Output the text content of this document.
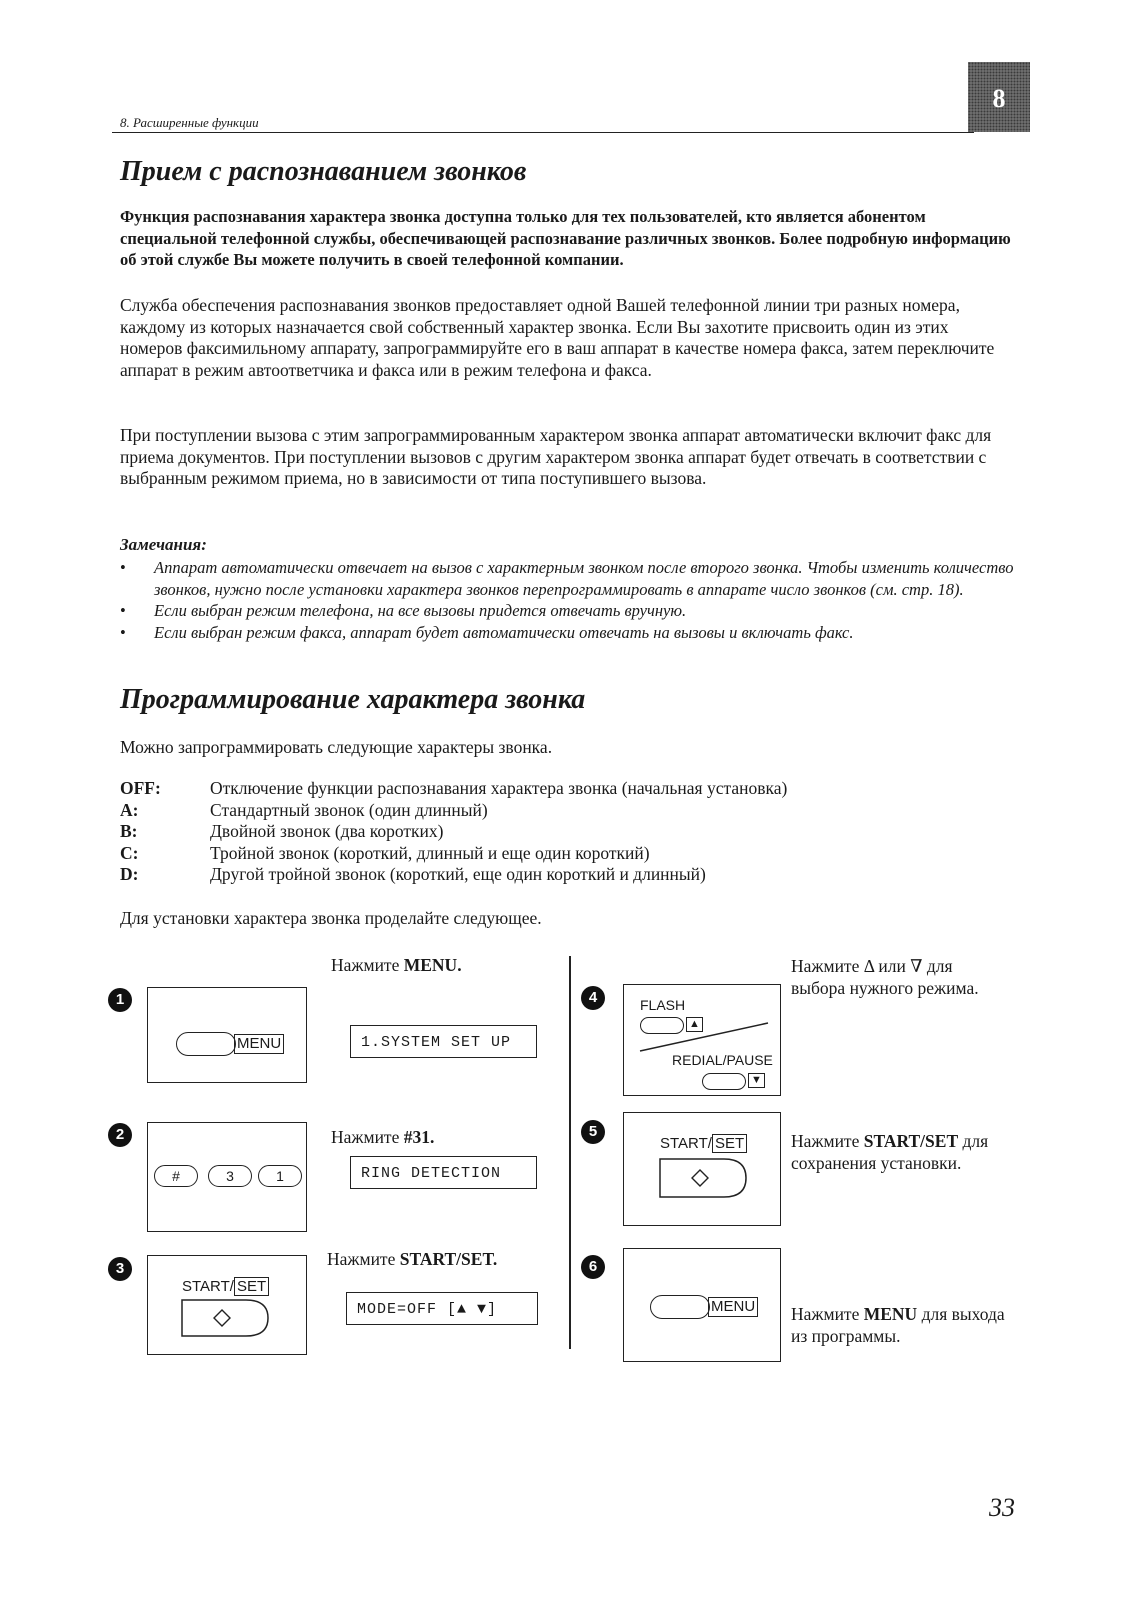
8. Расширенные функции
8
Прием с распознаванием звонков
Функция распознавания характера звонка доступна только для тех пользователей, кто является абонентом специальной телефонной службы, обеспечивающей распознавание различных звонков. Более подробную информацию об этой службе Вы можете получить в своей телефонной компании.
Служба обеспечения распознавания звонков предоставляет одной Вашей телефонной линии три разных номера, каждому из которых назначается свой собственный характер звонка. Если Вы захотите присвоить один из этих номеров факсимильному аппарату, запрограммируйте его в ваш аппарат в качестве номера факса, затем переключите аппарат в режим автоответчика и факса или в режим телефона и факса.
При поступлении вызова с этим запрограммированным характером звонка аппарат автоматически включит факс для приема документов. При поступлении вызовов с другим характером звонка аппарат будет отвечать в соответствии с выбранным режимом приема, но в зависимости от типа поступившего вызова.
Замечания:
• Аппарат автоматически отвечает на вызов с характерным звонком после второго звонка. Чтобы изменить количество звонков, нужно после установки характера звонков перепрограммировать в аппарате число звонков (см. стр. 18).
• Если выбран режим телефона, на все вызовы придется отвечать вручную.
• Если выбран режим факса, аппарат будет автоматически отвечать на вызовы и включать факс.
Программирование характера звонка
Можно запрограммировать следующие характеры звонка.
OFF:	Отключение функции распознавания характера звонка (начальная установка)
A:	Стандартный звонок (один длинный)
B:	Двойной звонок (два коротких)
C:	Тройной звонок (короткий, длинный и еще один короткий)
D:	Другой тройной звонок (короткий, еще один короткий и длинный)
Для установки характера звонка проделайте следующее.
1
MENU
Нажмите MENU.
1.SYSTEM SET UP
2
#	3	1
Нажмите #31.
RING DETECTION
3
START/ SET
Нажмите START/SET.
MODE=OFF [▲ ▼]
4	FLASH
▲
REDIAL/PAUSE
▼
Нажмите Δ или ∇ для выбора нужного режима.
5
START/ SET	Нажмите START/SET для сохранения установки.
6
MENU Нажмите MENU для выхода из программы.
33
